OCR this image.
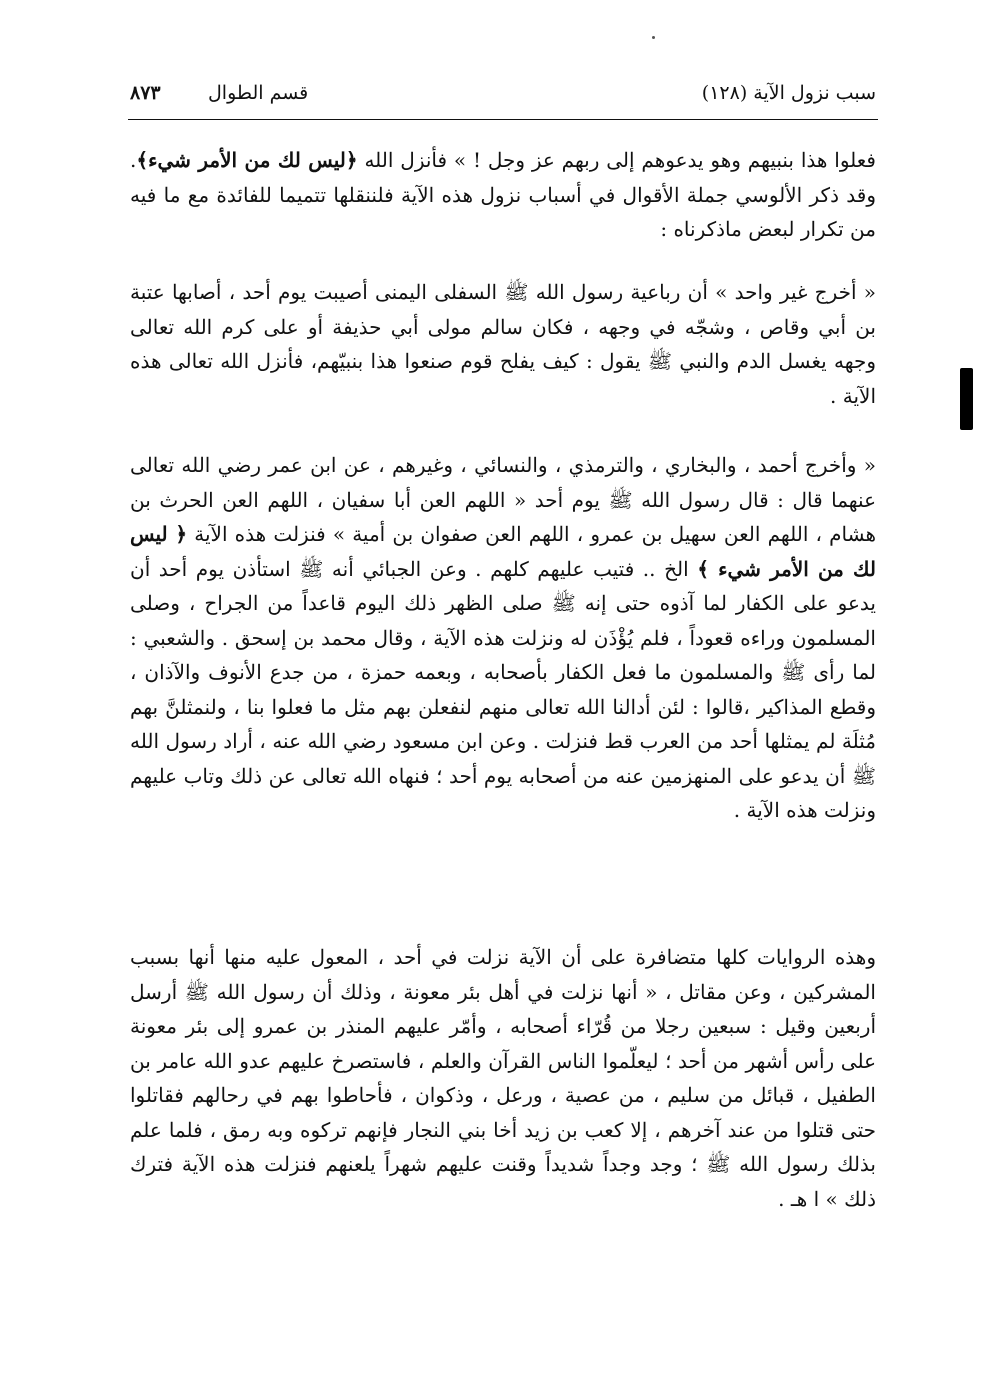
سبب نزول الآية (١٢٨)
قسم الطوال
٨٧٣
فعلوا هذا بنبيهم وهو يدعوهم إلى ربهم عز وجل ! » فأنزل الله ﴿ليس لك من الأمر شيء﴾. وقد ذكر الألوسي جملة الأقوال في أسباب نزول هذه الآية فلننقلها تتميما للفائدة مع ما فيه من تكرار لبعض ماذكرناه :
« أخرج غير واحد » أن رباعية رسول الله ﷺ السفلى اليمنى أصيبت يوم أحد ، أصابها عتبة بن أبي وقاص ، وشجّه في وجهه ، فكان سالم مولى أبي حذيفة أو على كرم الله تعالى وجهه يغسل الدم والنبي ﷺ يقول : كيف يفلح قوم صنعوا هذا بنبيّهم، فأنزل الله تعالى هذه الآية .
« وأخرج أحمد ، والبخاري ، والترمذي ، والنسائي ، وغيرهم ، عن ابن عمر رضي الله تعالى عنهما قال : قال رسول الله ﷺ يوم أحد « اللهم العن أبا سفيان ، اللهم العن الحرث بن هشام ، اللهم العن سهيل بن عمرو ، اللهم العن صفوان بن أمية » فنزلت هذه الآية ﴿ ليس لك من الأمر شيء ﴾ الخ .. فتيب عليهم كلهم . وعن الجبائي أنه ﷺ استأذن يوم أحد أن يدعو على الكفار لما آذوه حتى إنه ﷺ صلى الظهر ذلك اليوم قاعداً من الجراح ، وصلى المسلمون وراءه قعوداً ، فلم يُؤْذَن له ونزلت هذه الآية ، وقال محمد بن إسحق . والشعبي : لما رأى ﷺ والمسلمون ما فعل الكفار بأصحابه ، وبعمه حمزة ، من جدع الأنوف والآذان ، وقطع المذاكير ،قالوا : لئن أدالنا الله تعالى منهم لنفعلن بهم مثل ما فعلوا بنا ، ولنمثلنَّ بهم مُثلَة لم يمثلها أحد من العرب قط فنزلت . وعن ابن مسعود رضي الله عنه ، أراد رسول الله ﷺ أن يدعو على المنهزمين عنه من أصحابه يوم أحد ؛ فنهاه الله تعالى عن ذلك وتاب عليهم ونزلت هذه الآية .
وهذه الروايات كلها متضافرة على أن الآية نزلت في أحد ، المعول عليه منها أنها بسبب المشركين ، وعن مقاتل ، « أنها نزلت في أهل بئر معونة ، وذلك أن رسول الله ﷺ أرسل أربعين وقيل : سبعين رجلا من قُرّاء أصحابه ، وأمّر عليهم المنذر بن عمرو إلى بئر معونة على رأس أشهر من أحد ؛ ليعلّموا الناس القرآن والعلم ، فاستصرخ عليهم عدو الله عامر بن الطفيل ، قبائل من سليم ، من عصية ، ورعل ، وذكوان ، فأحاطوا بهم في رحالهم فقاتلوا حتى قتلوا من عند آخرهم ، إلا كعب بن زيد أخا بني النجار فإنهم تركوه وبه رمق ، فلما علم بذلك رسول الله ﷺ ؛ وجد وجداً شديداً وقنت عليهم شهراً يلعنهم فنزلت هذه الآية فترك ذلك » ا هـ .
